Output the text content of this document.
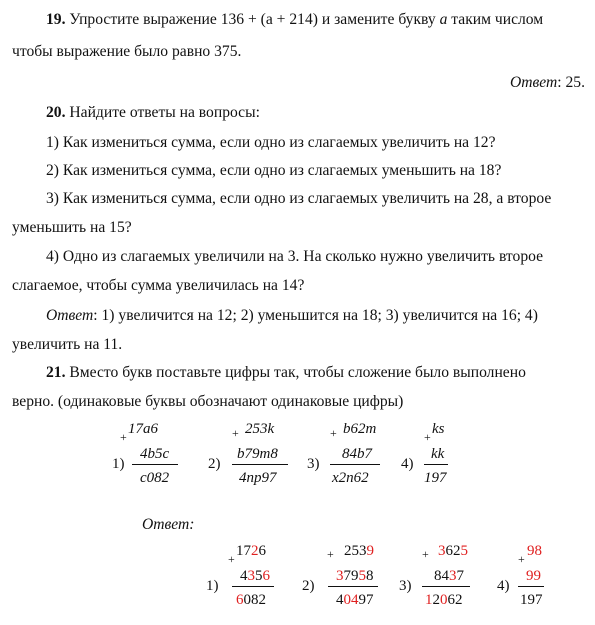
19. Упростите выражение 136 + (a + 214) и замените букву a таким числом
чтобы выражение было равно 375.
Ответ: 25.
20. Найдите ответы на вопросы:
1) Как измениться сумма, если одно из слагаемых увеличить на 12?
2) Как измениться сумма, если одно из слагаемых уменьшить на 18?
3) Как измениться сумма, если одно из слагаемых увеличить на 28, а второе
уменьшить на 15?
4) Одно из слагаемых увеличили на 3. На сколько нужно увеличить второе
слагаемое, чтобы сумма увеличилась на 14?
Ответ: 1) увеличится на 12; 2) уменьшится на 18; 3) увеличится на 16; 4)
увеличить на 11.
21. Вместо букв поставьте цифры так, чтобы сложение было выполнено
верно. (одинаковые буквы обозначают одинаковые цифры)
+ 17a6
4b5c
c082
1)
+ 253k
b79m8
4np97
2)
+ b62m
84b7
x2n62
3)
+ ks
kk
197
4)
Ответ:
+ 1726
4356
6082
1)
+ 2539
37958
40497
2)
+ 3625
8437
12062
3)
+ 98
99
197
4)
